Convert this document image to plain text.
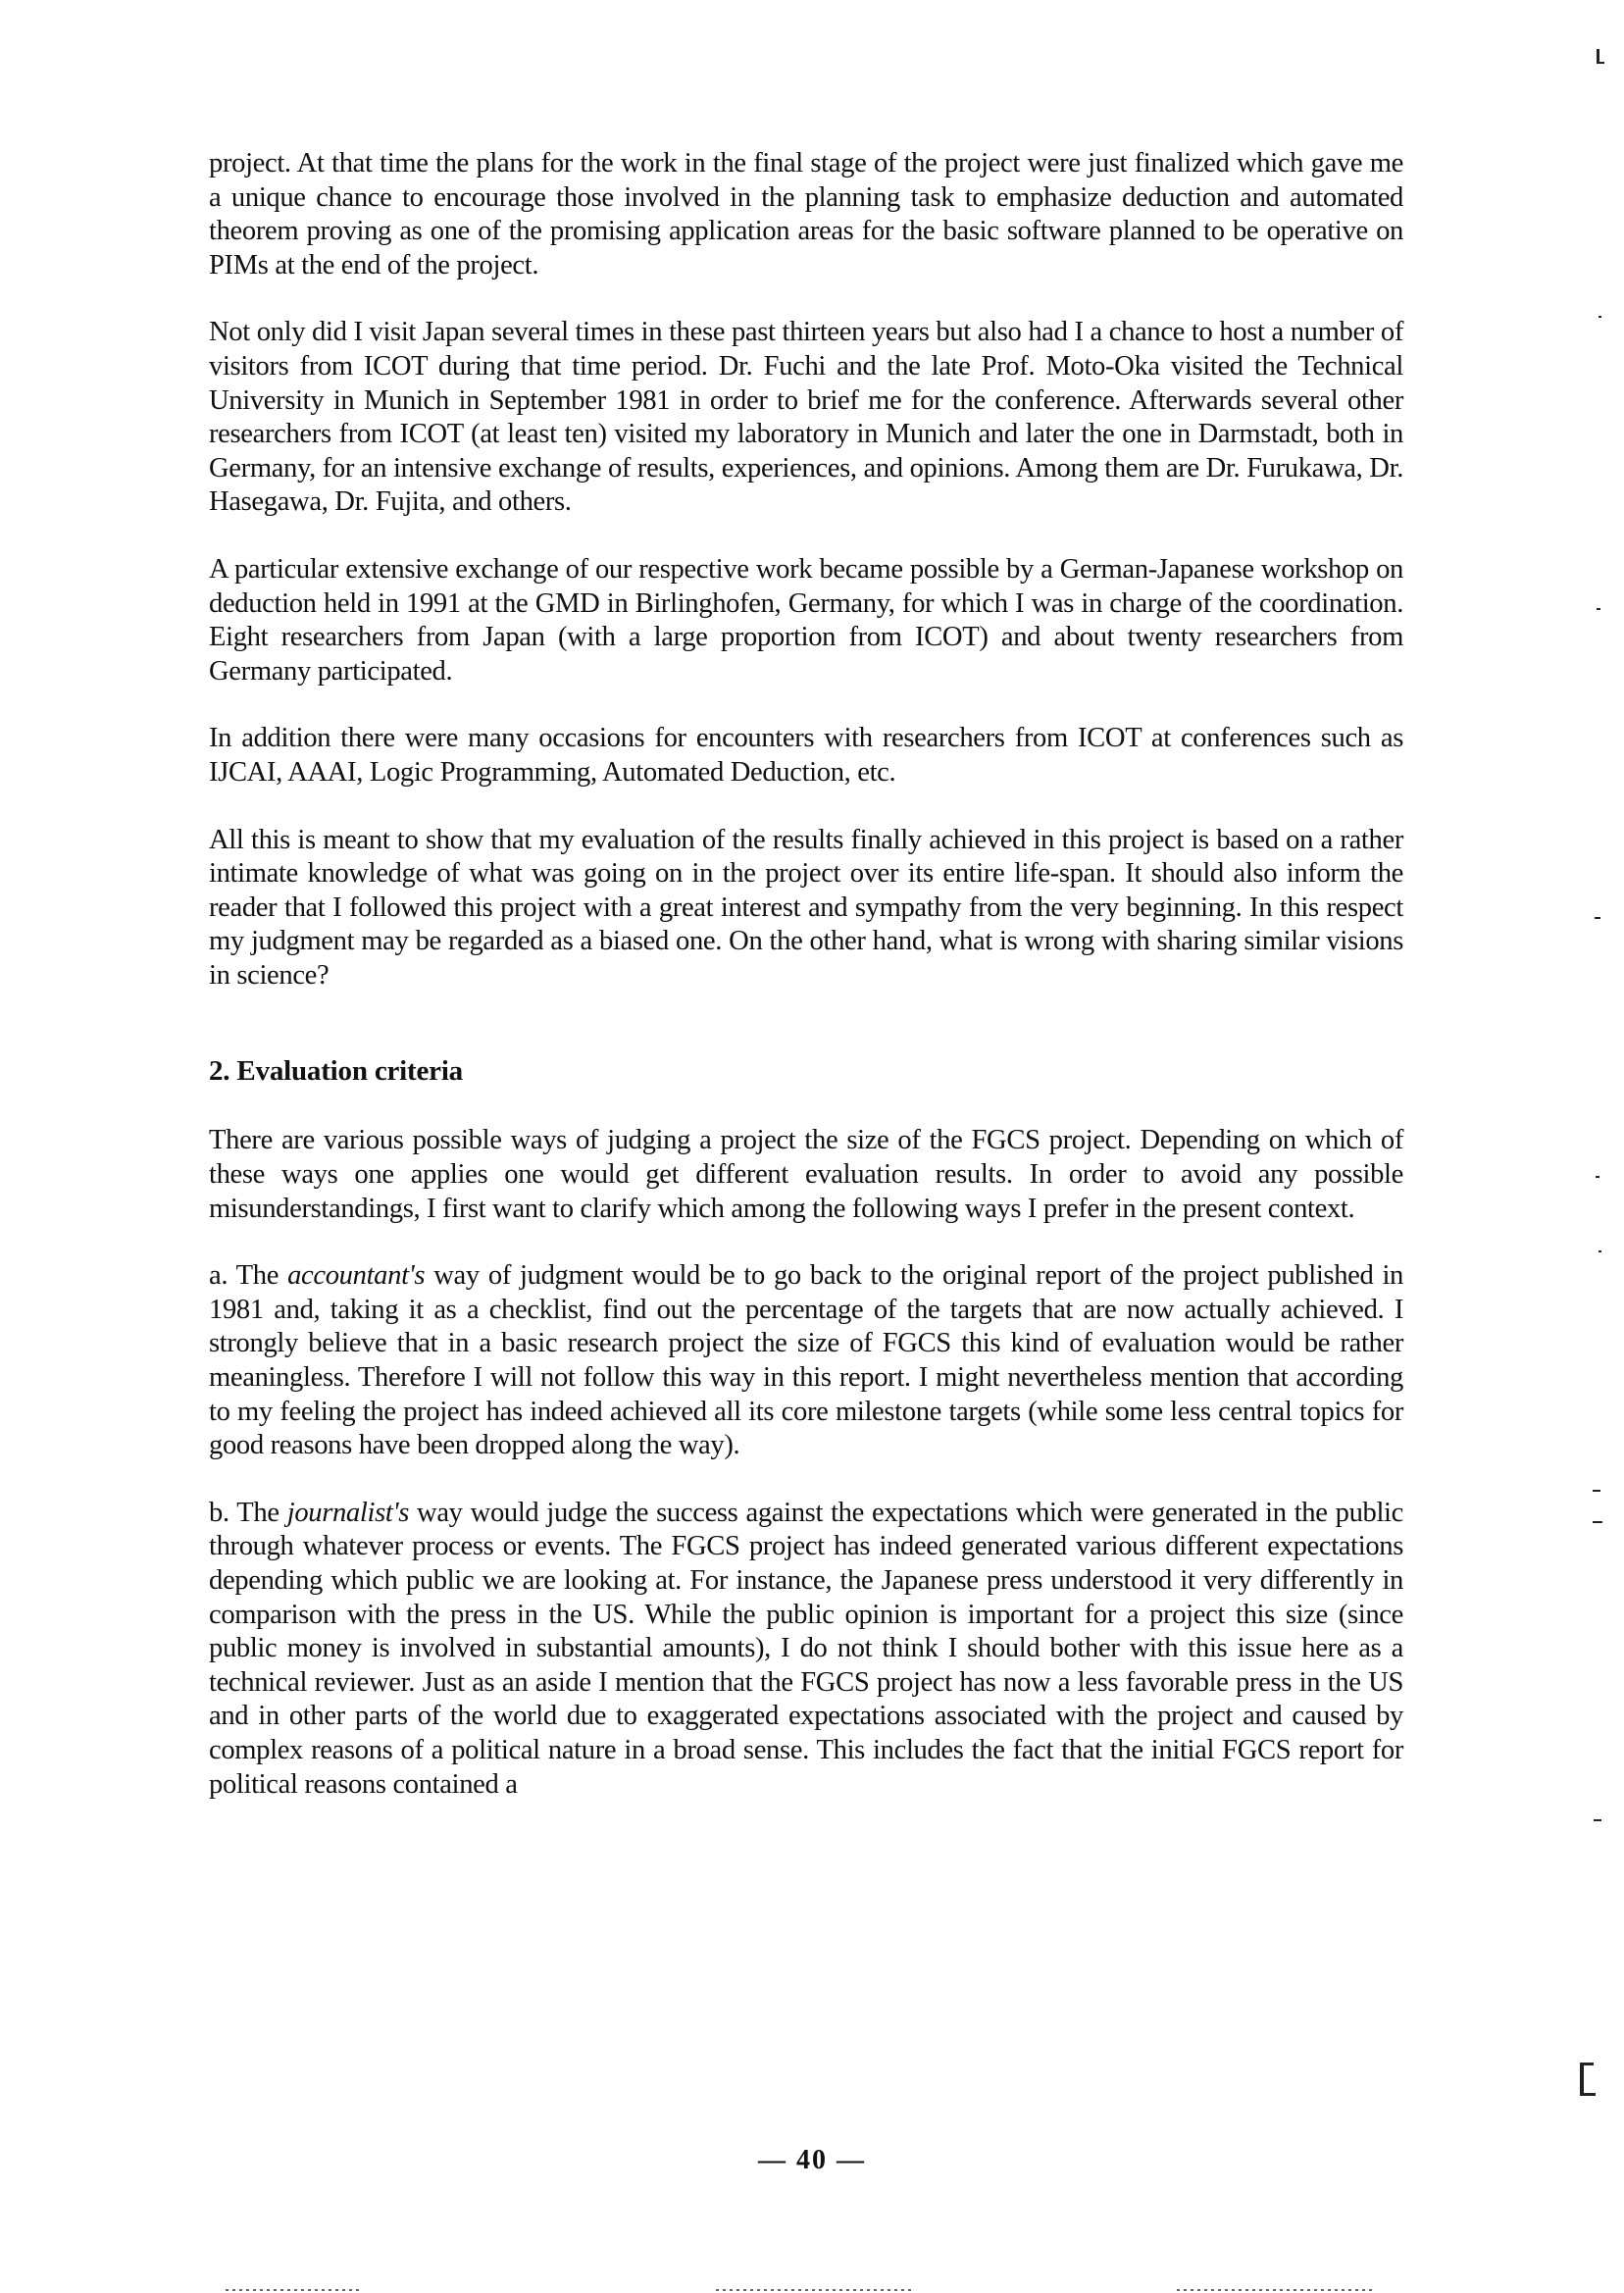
project. At that time the plans for the work in the final stage of the project were just finalized which gave me a unique chance to encourage those involved in the planning task to emphasize deduction and automated theorem proving as one of the promising application areas for the basic software planned to be operative on PIMs at the end of the project.

Not only did I visit Japan several times in these past thirteen years but also had I a chance to host a number of visitors from ICOT during that time period. Dr. Fuchi and the late Prof. Moto-Oka visited the Technical University in Munich in September 1981 in order to brief me for the conference. Afterwards several other researchers from ICOT (at least ten) visited my laboratory in Munich and later the one in Darmstadt, both in Germany, for an intensive exchange of results, experiences, and opinions. Among them are Dr. Furukawa, Dr. Hasegawa, Dr. Fujita, and others.

A particular extensive exchange of our respective work became possible by a German-Japanese workshop on deduction held in 1991 at the GMD in Birlinghofen, Germany, for which I was in charge of the coordination. Eight researchers from Japan (with a large proportion from ICOT) and about twenty researchers from Germany participated.

In addition there were many occasions for encounters with researchers from ICOT at conferences such as IJCAI, AAAI, Logic Programming, Automated Deduction, etc.

All this is meant to show that my evaluation of the results finally achieved in this project is based on a rather intimate knowledge of what was going on in the project over its entire life-span. It should also inform the reader that I followed this project with a great interest and sympathy from the very beginning. In this respect my judgment may be regarded as a biased one. On the other hand, what is wrong with sharing similar visions in science?

2. Evaluation criteria

There are various possible ways of judging a project the size of the FGCS project. Depending on which of these ways one applies one would get different evaluation results. In order to avoid any possible misunderstandings, I first want to clarify which among the following ways I prefer in the present context.

a. The accountant's way of judgment would be to go back to the original report of the project published in 1981 and, taking it as a checklist, find out the percentage of the targets that are now actually achieved. I strongly believe that in a basic research project the size of FGCS this kind of evaluation would be rather meaningless. Therefore I will not follow this way in this report. I might nevertheless mention that according to my feeling the project has indeed achieved all its core milestone targets (while some less central topics for good reasons have been dropped along the way).

b. The journalist's way would judge the success against the expectations which were generated in the public through whatever process or events. The FGCS project has indeed generated various different expectations depending which public we are looking at. For instance, the Japanese press understood it very differently in comparison with the press in the US. While the public opinion is important for a project this size (since public money is involved in substantial amounts), I do not think I should bother with this issue here as a technical reviewer. Just as an aside I mention that the FGCS project has now a less favorable press in the US and in other parts of the world due to exaggerated expectations associated with the project and caused by complex reasons of a political nature in a broad sense. This includes the fact that the initial FGCS report for political reasons contained a

— 40 —
